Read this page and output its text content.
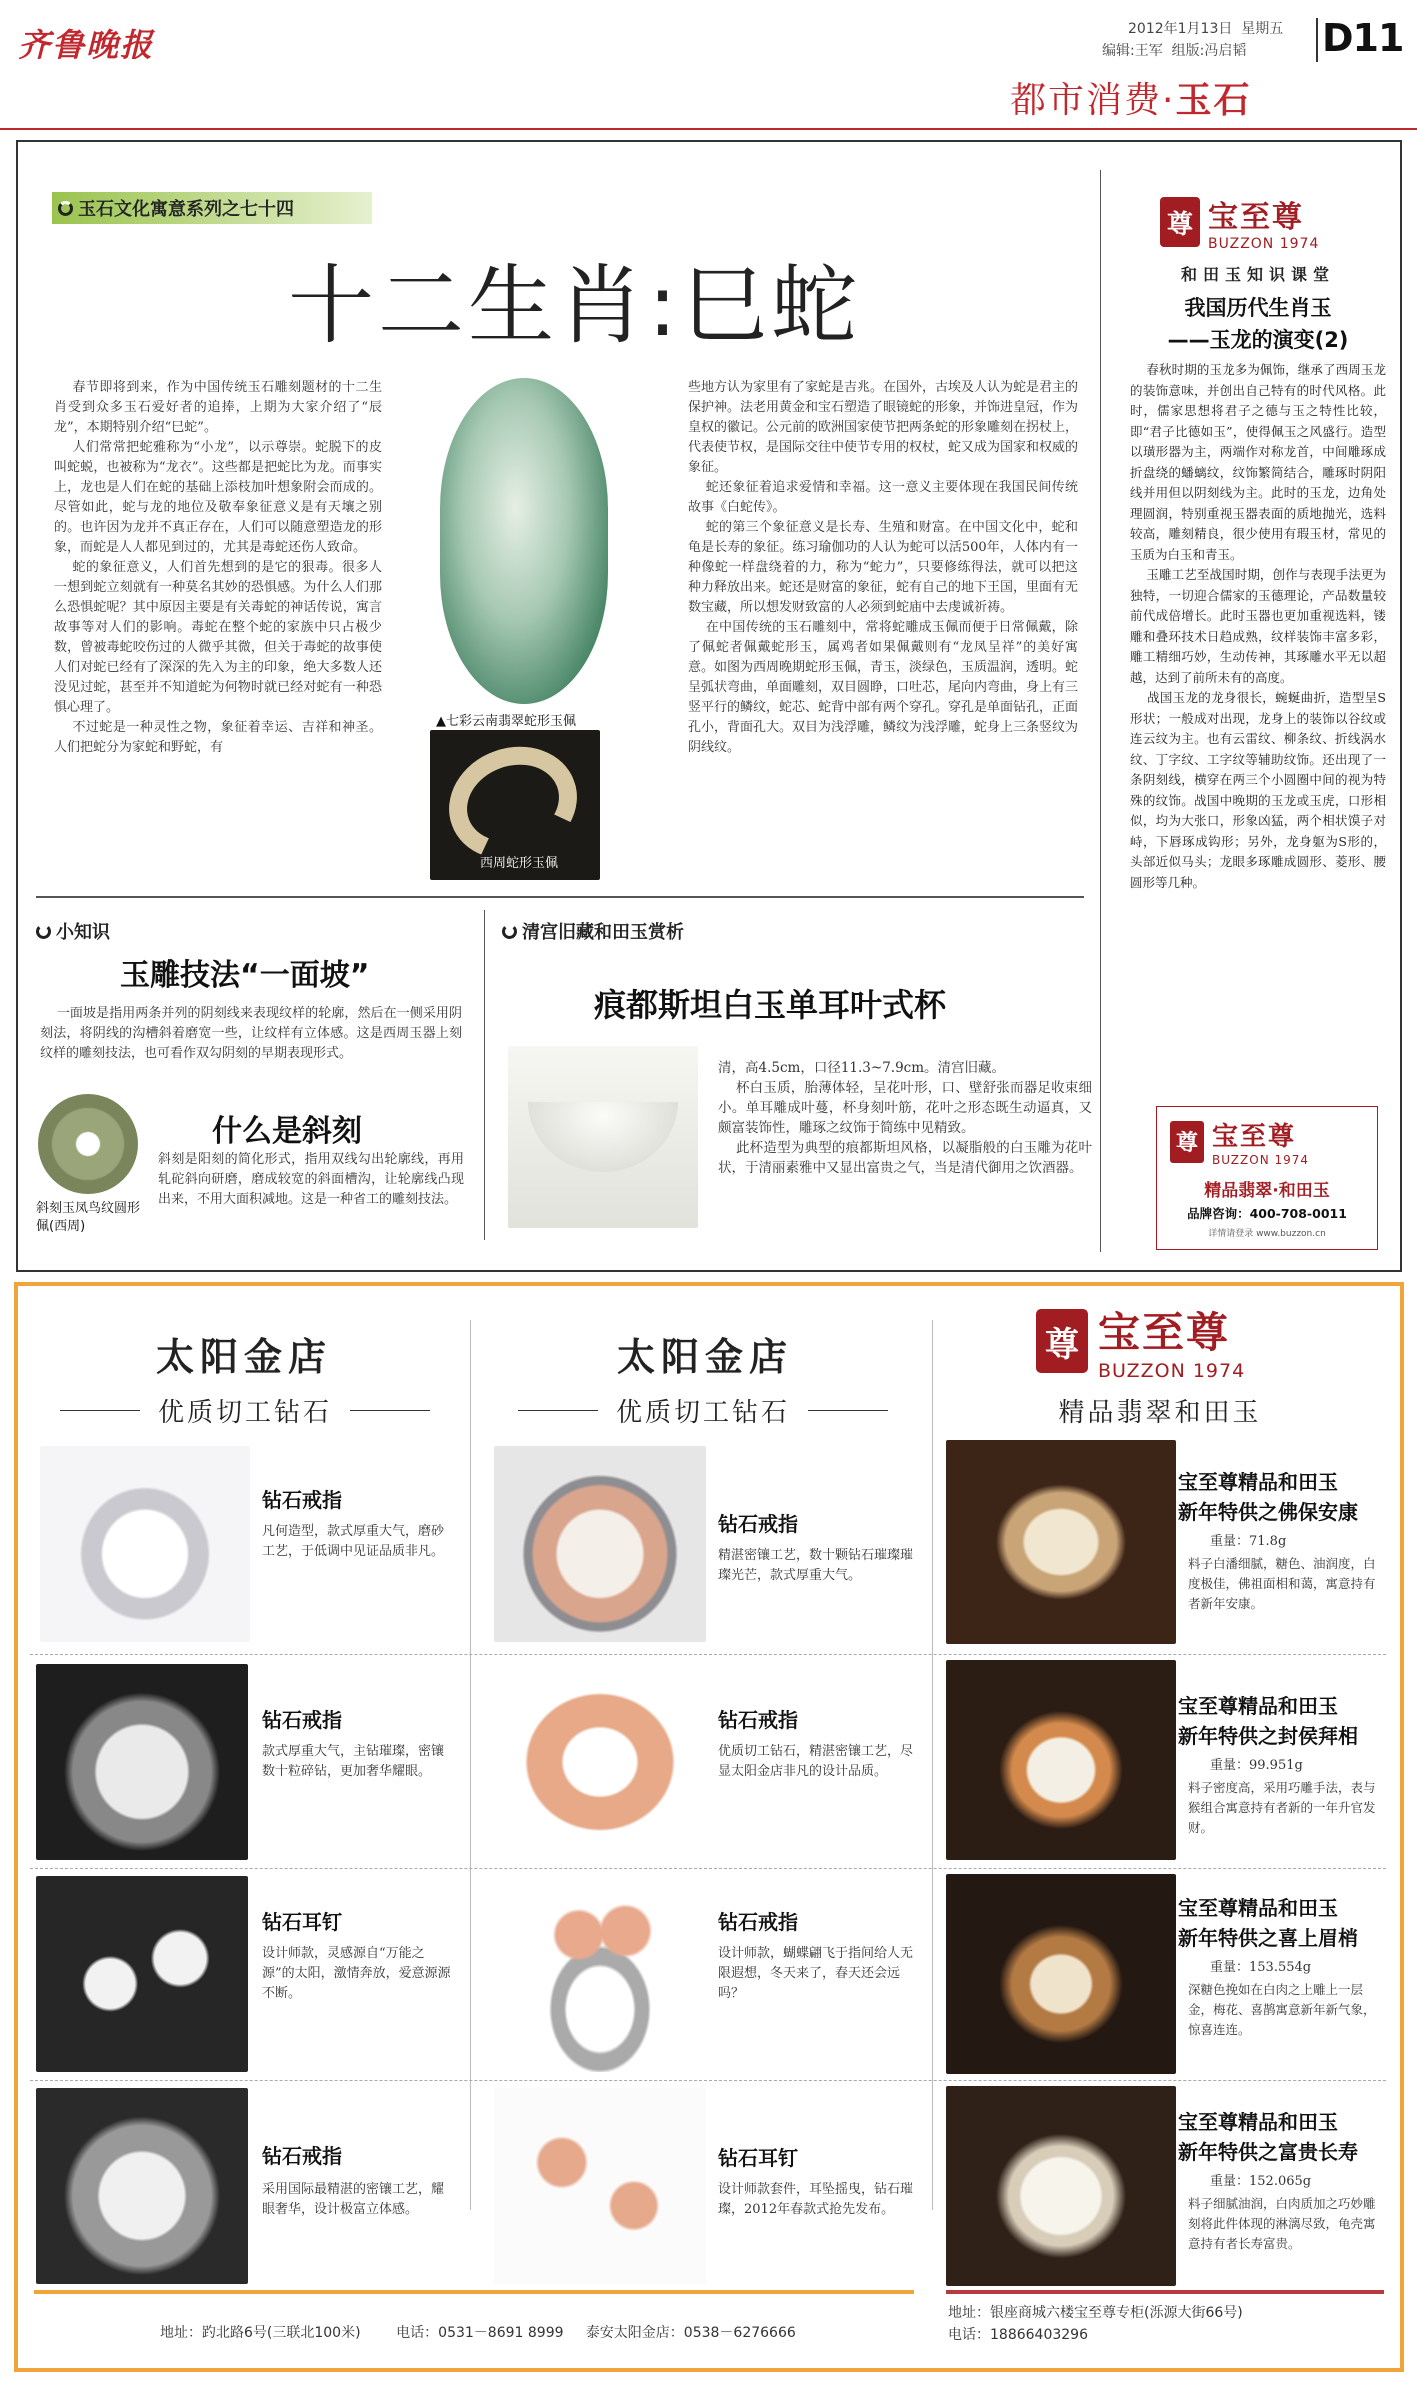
齐鲁晚报	2012年1月13日 星期五
编辑:王军 组版:冯启韬 D11
都市消费·玉石
玉石文化寓意系列之七十四
十二生肖:巳蛇
春节即将到来，作为中国传统玉石雕刻题材的十二生肖受到众多玉石爱好者的追捧，上期为大家介绍了“辰龙”，本期特别介绍“巳蛇”。
人们常常把蛇雅称为“小龙”，以示尊崇。蛇脱下的皮叫蛇蜕，也被称为“龙衣”。这些都是把蛇比为龙。而事实上，龙也是人们在蛇的基础上添枝加叶想象附会而成的。尽管如此，蛇与龙的地位及敬奉象征意义是有天壤之别的。也许因为龙并不真正存在，人们可以随意塑造龙的形象，而蛇是人人都见到过的，尤其是毒蛇还伤人致命。
蛇的象征意义，人们首先想到的是它的狠毒。很多人一想到蛇立刻就有一种莫名其妙的恐惧感。为什么人们那么恐惧蛇呢？其中原因主要是有关毒蛇的神话传说，寓言故事等对人们的影响。毒蛇在整个蛇的家族中只占极少数，曾被毒蛇咬伤过的人微乎其微，但关于毒蛇的故事使人们对蛇已经有了深深的先入为主的印象，绝大多数人还没见过蛇，甚至并不知道蛇为何物时就已经对蛇有一种恐惧心理了。
不过蛇是一种灵性之物，象征着幸运、吉祥和神圣。人们把蛇分为家蛇和野蛇，有
▲七彩云南翡翠蛇形玉佩
西周蛇形玉佩
些地方认为家里有了家蛇是吉兆。在国外，古埃及人认为蛇是君主的保护神。法老用黄金和宝石塑造了眼镜蛇的形象，并饰进皇冠，作为皇权的徽记。公元前的欧洲国家使节把两条蛇的形象雕刻在拐杖上，代表使节权，是国际交往中使节专用的权杖，蛇又成为国家和权威的象征。
蛇还象征着追求爱情和幸福。这一意义主要体现在我国民间传统故事《白蛇传》。
蛇的第三个象征意义是长寿、生殖和财富。在中国文化中，蛇和龟是长寿的象征。练习瑜伽功的人认为蛇可以活500年，人体内有一种像蛇一样盘绕着的力，称为“蛇力”，只要修练得法，就可以把这种力释放出来。蛇还是财富的象征，蛇有自己的地下王国，里面有无数宝藏，所以想发财致富的人必须到蛇庙中去虔诚祈祷。
在中国传统的玉石雕刻中，常将蛇雕成玉佩而便于日常佩戴，除了佩蛇者佩戴蛇形玉，属鸡者如果佩戴则有“龙凤呈祥”的美好寓意。如图为西周晚期蛇形玉佩，青玉，淡绿色，玉质温润，透明。蛇呈弧状弯曲，单面雕刻，双目圆睁，口吐芯，尾向内弯曲，身上有三竖平行的鳞纹，蛇芯、蛇背中部有两个穿孔。穿孔是单面钻孔，正面孔小，背面孔大。双目为浅浮雕，鳞纹为浅浮雕，蛇身上三条竖纹为阴线纹。
小知识
玉雕技法“一面坡”
一面坡是指用两条并列的阴刻线来表现纹样的轮廓，然后在一侧采用阴刻法，将阴线的沟槽斜着磨宽一些，让纹样有立体感。这是西周玉器上刻纹样的雕刻技法，也可看作双勾阴刻的早期表现形式。
斜刻玉凤鸟纹圆形佩(西周)
什么是斜刻
斜刻是阳刻的简化形式，指用双线勾出轮廓线，再用轧砣斜向研磨，磨成较宽的斜面槽沟，让轮廓线凸现出来，不用大面积减地。这是一种省工的雕刻技法。
清宫旧藏和田玉赏析
痕都斯坦白玉单耳叶式杯
清，高4.5cm，口径11.3~7.9cm。清宫旧藏。
杯白玉质，胎薄体轻，呈花叶形，口、壁舒张而器足收束细小。单耳雕成叶蔓，杯身刻叶筋，花叶之形态既生动逼真，又颇富装饰性，雕琢之纹饰于简练中见精致。
此杯造型为典型的痕都斯坦风格，以凝脂般的白玉雕为花叶状，于清丽素雅中又显出富贵之气，当是清代御用之饮酒器。
尊 宝至尊
BUZZON 1974
和田玉知识课堂
我国历代生肖玉
——玉龙的演变(2)
春秋时期的玉龙多为佩饰，继承了西周玉龙的装饰意味，并创出自己特有的时代风格。此时，儒家思想将君子之德与玉之特性比较，即“君子比德如玉”，使得佩玉之风盛行。造型以璜形器为主，两端作对称龙首，中间雕琢成折盘绕的蟠螭纹，纹饰繁简结合，雕琢时阴阳线并用但以阴刻线为主。此时的玉龙，边角处理圆润，特别重视玉器表面的质地抛光，选料较高，雕刻精良，很少使用有瑕玉材，常见的玉质为白玉和青玉。
玉雕工艺至战国时期，创作与表现手法更为独特，一切迎合儒家的玉德理论，产品数量较前代成倍增长。此时玉器也更加重视选料，镂雕和叠环技术日趋成熟，纹样装饰丰富多彩，雕工精细巧妙，生动传神，其琢雕水平无以超越，达到了前所未有的高度。
战国玉龙的龙身很长，蜿蜒曲折，造型呈S形状；一般成对出现，龙身上的装饰以谷纹或连云纹为主。也有云雷纹、柳条纹、折线涡水纹、丁字纹、工字纹等辅助纹饰。还出现了一条阴刻线，横穿在两三个小圆圈中间的视为特殊的纹饰。战国中晚期的玉龙或玉虎，口形相似，均为大张口，形象凶猛，两个相状馍子对峙，下唇琢成钩形；另外，龙身躯为S形的，头部近似马头；龙眼多琢雕成圆形、菱形、腰圆形等几种。
尊 宝至尊
BUZZON 1974
精品翡翠·和田玉
品牌咨询：400-708-0011
详情请登录 www.buzzon.cn
太阳金店
优质切工钻石
太阳金店
优质切工钻石
尊 宝至尊
BUZZON 1974
精品翡翠和田玉
钻石戒指
凡何造型，款式厚重大气，磨砂工艺，于低调中见证品质非凡。
钻石戒指
款式厚重大气，主钻璀璨，密镶数十粒碎钻，更加奢华耀眼。
钻石耳钉
设计师款，灵感源自“万能之源”的太阳，激情奔放，爱意源源不断。
钻石戒指
采用国际最精湛的密镶工艺，耀眼奢华，设计极富立体感。
钻石戒指
精湛密镶工艺，数十颗钻石璀璨璀璨光芒，款式厚重大气。
钻石戒指
优质切工钻石，精湛密镶工艺，尽显太阳金店非凡的设计品质。
钻石戒指
设计师款，蝴蝶翩飞于指间给人无限遐想，冬天来了，春天还会远吗？
钻石耳钉
设计师款套件，耳坠摇曳，钻石璀璨，2012年春款式抢先发布。
宝至尊精品和田玉
新年特供之佛保安康
重量：71.8g
料子白潘细腻，糖色、油润度，白度极佳，佛祖面相和蔼，寓意持有者新年安康。
宝至尊精品和田玉
新年特供之封侯拜相
重量：99.951g
料子密度高，采用巧雕手法，表与猴组合寓意持有者新的一年升官发财。
宝至尊精品和田玉
新年特供之喜上眉梢
重量：153.554g
深糖色挽如在白肉之上雕上一层金，梅花、喜鹊寓意新年新气象，惊喜连连。
宝至尊精品和田玉
新年特供之富贵长寿
重量：152.065g
料子细腻油润，白肉质加之巧妙雕刻将此件体现的淋漓尽致，龟壳寓意持有者长寿富贵。
地址：趵北路6号(三联北100米)	电话：0531－8691 8999 泰安太阳金店：0538－6276666
地址：银座商城六楼宝至尊专柜(泺源大街66号)
电话：18866403296
